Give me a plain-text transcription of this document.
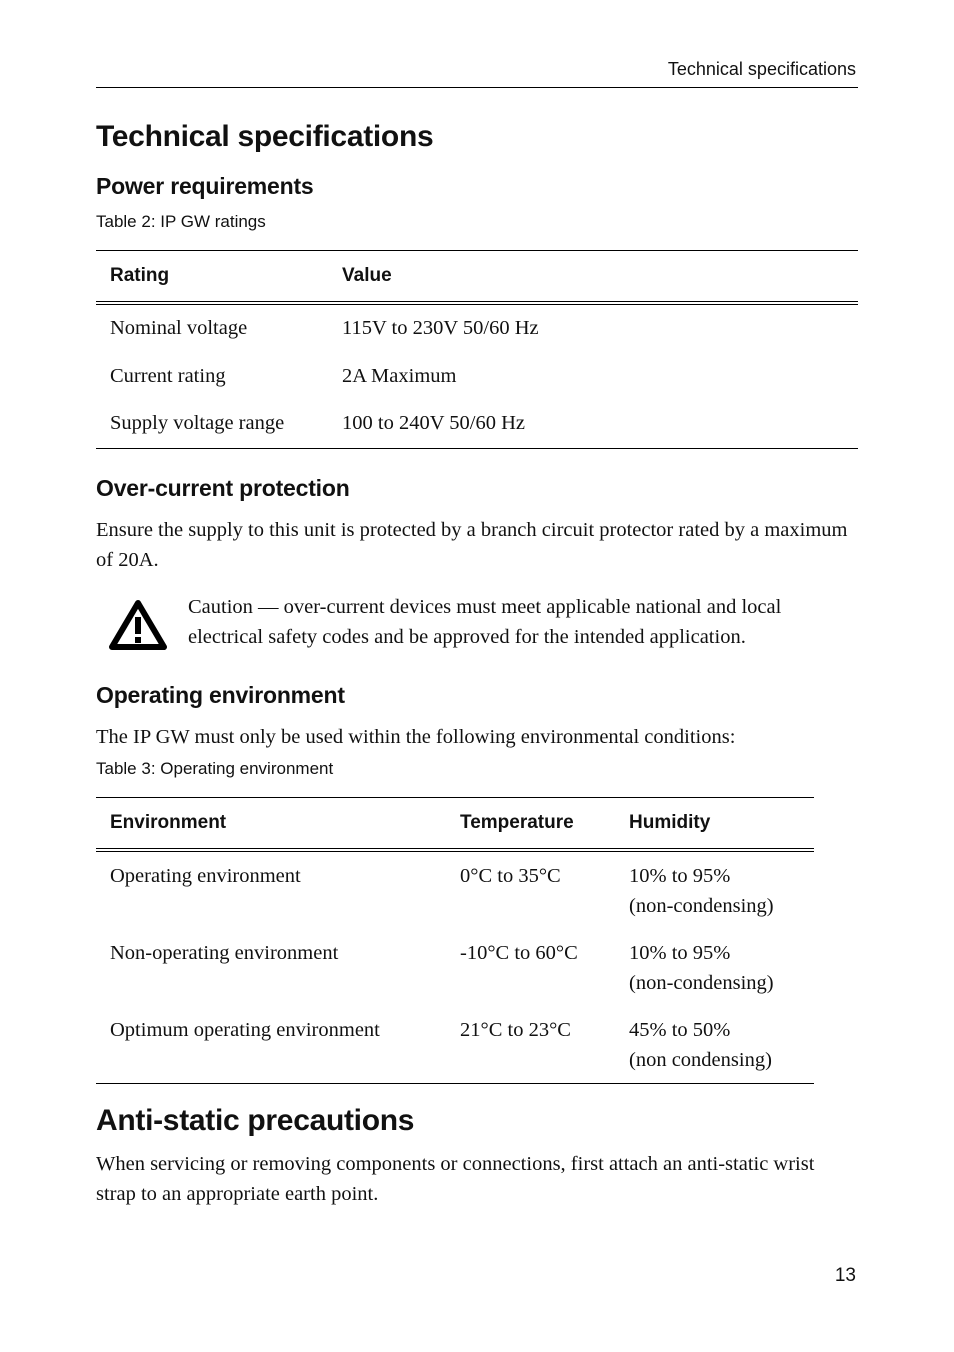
Technical specifications
Technical specifications
Power requirements
Table 2: IP GW ratings
Rating	Value
Nominal voltage	115V to 230V 50/60 Hz
Current rating	2A Maximum
Supply voltage range	100 to 240V 50/60 Hz
Over-current protection

Ensure the supply to this unit is protected by a branch circuit protector rated by a maximum of 20A.

Caution — over-current devices must meet applicable national and local electrical safety codes and be approved for the intended application.

Operating environment

The IP GW must only be used within the following environmental conditions:

Table 3: Operating environment
Environment	Temperature	Humidity
Operating environment	0°C to 35°C	10% to 95%
(non-condensing)
Non-operating environment	-10°C to 60°C 10% to 95%
(non-condensing)
Optimum operating environment	21°C to 23°C	45% to 50%
(non condensing)
Anti-static precautions

When servicing or removing components or connections, first attach an anti-static wrist strap to an appropriate earth point.

13
